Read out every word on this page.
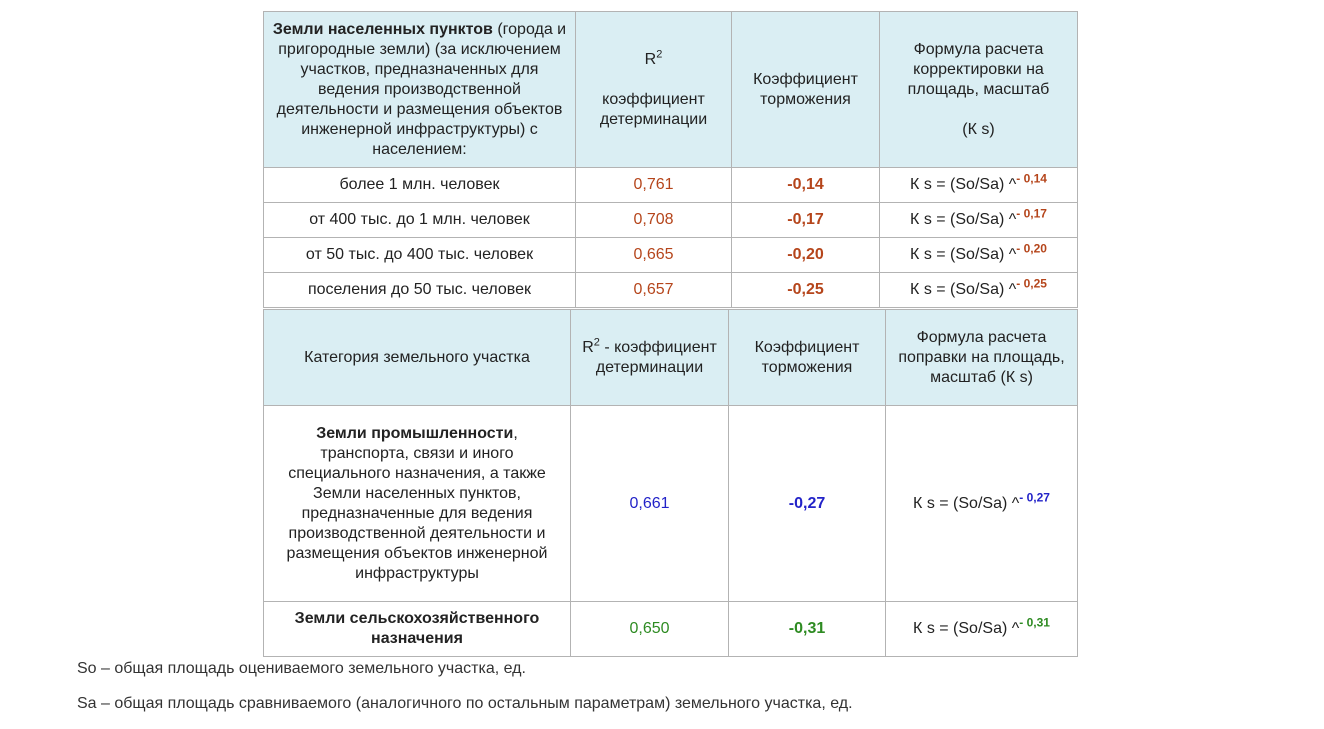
Земли населенных пунктов (города и пригородные земли) (за исключением участков, предназначенных для ведения производственной деятельности и размещения объектов инженерной инфраструктуры) с населением:	$R^2$

коэффициент детерминации	Коэффициент торможения	Формула расчета корректировки на площадь, масштаб

(К s)
более 1 млн. человек	0,761	-0,14	К s = (So/Sa) ^$^{- 0,14}$
от 400 тыс. до 1 млн. человек	0,708	-0,17	К s = (So/Sa) ^$^{- 0,17}$
от 50 тыс. до 400 тыс. человек	0,665	-0,20	К s = (So/Sa) ^$^{- 0,20}$
поселения до 50 тыс. человек	0,657	-0,25	К s = (So/Sa) ^$^{- 0,25}$
Категория земельного участка	$R^2$ - коэффициент детерминации	Коэффициент торможения	Формула расчета поправки на площадь, масштаб (К s)
Земли промышленности, транспорта, связи и иного специального назначения, а также Земли населенных пунктов, предназначенные для ведения производственной деятельности и размещения объектов инженерной инфраструктуры	0,661	-0,27	К s = (So/Sa) ^$^{- 0,27}$
Земли сельскохозяйственного назначения	0,650	-0,31	К s = (So/Sa) ^$^{- 0,31}$
So – общая площадь оцениваемого земельного участка, ед.
Sa – общая площадь сравниваемого (аналогичного по остальным параметрам) земельного участка, ед.
